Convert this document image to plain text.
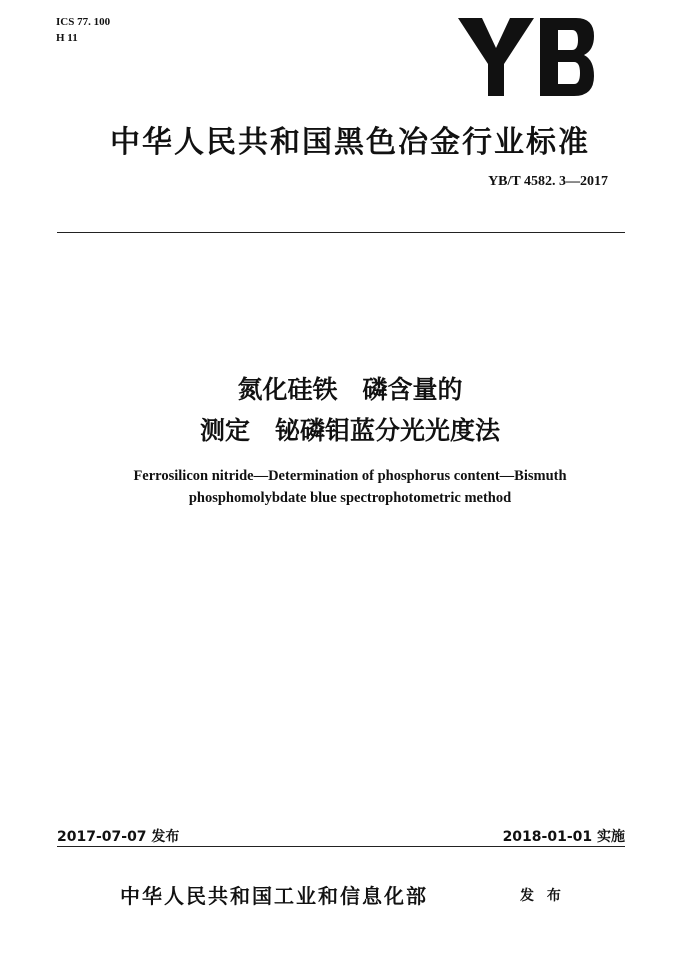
ICS 77. 100
H 11
中华人民共和国黑色冶金行业标准
YB/T 4582. 3—2017
氮化硅铁　磷含量的
测定　铋磷钼蓝分光光度法
Ferrosilicon nitride—Determination of phosphorus content—Bismuth
phosphomolybdate blue spectrophotometric method
2017-07-07 发布	2018-01-01 实施
中华人民共和国工业和信息化部	发 布
